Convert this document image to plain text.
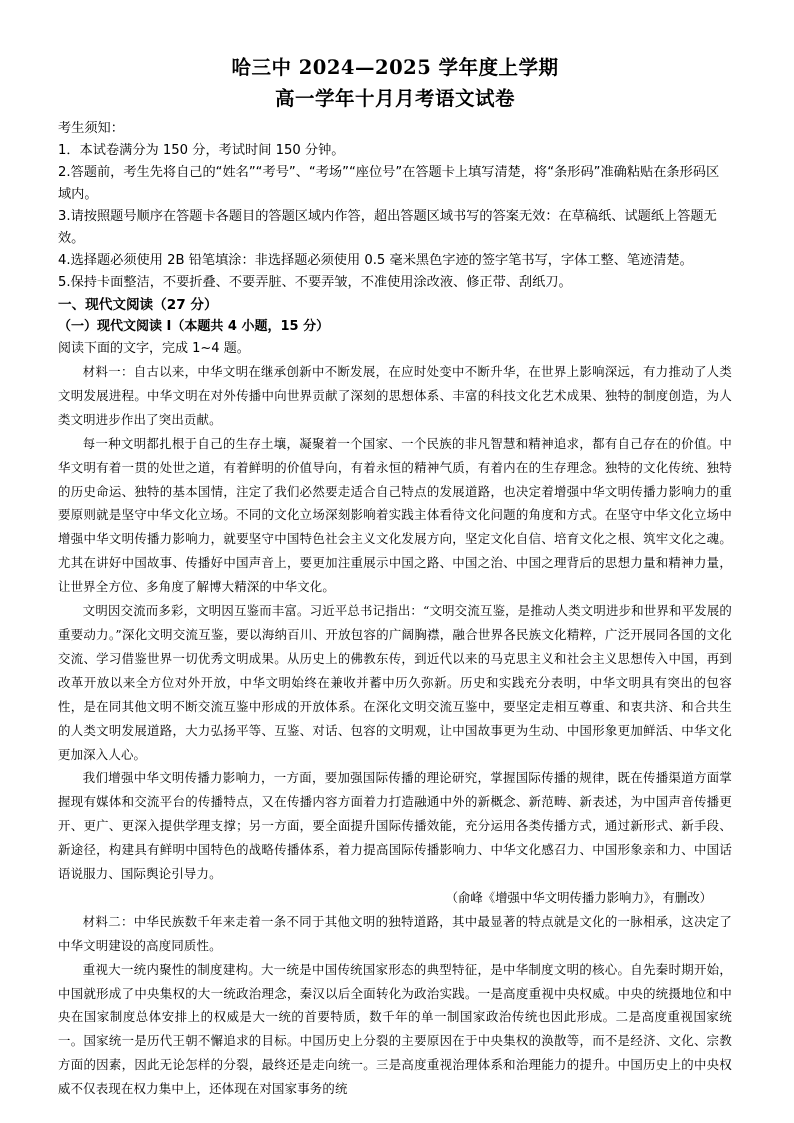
哈三中 2024—2025 学年度上学期
高一学年十月月考语文试卷

考生须知：

1．本试卷满分为 150 分，考试时间 150 分钟。

2.答题前，考生先将自己的“姓名”“考号”、“考场”“座位号”在答题卡上填写清楚，将“条形码”准确粘贴在条形码区域内。

3.请按照题号顺序在答题卡各题目的答题区域内作答，超出答题区域书写的答案无效：在草稿纸、试题纸上答题无效。

4.选择题必须使用 2B 铅笔填涂：非选择题必须使用 0.5 毫米黑色字迹的签字笔书写，字体工整、笔迹清楚。

5.保持卡面整洁，不要折叠、不要弄脏、不要弄皱，不准使用涂改液、修正带、刮纸刀。

一、现代文阅读（27 分）

（一）现代文阅读 I（本题共 4 小题，15 分）

阅读下面的文字，完成 1~4 题。

材料一：自古以来，中华文明在继承创新中不断发展，在应时处变中不断升华，在世界上影响深远，有力推动了人类文明发展进程。中华文明在对外传播中向世界贡献了深刻的思想体系、丰富的科技文化艺术成果、独特的制度创造，为人类文明进步作出了突出贡献。

每一种文明都扎根于自己的生存土壤，凝聚着一个国家、一个民族的非凡智慧和精神追求，都有自己存在的价值。中华文明有着一贯的处世之道，有着鲜明的价值导向，有着永恒的精神气质，有着内在的生存理念。独特的文化传统、独特的历史命运、独特的基本国情，注定了我们必然要走适合自己特点的发展道路，也决定着增强中华文明传播力影响力的重要原则就是坚守中华文化立场。不同的文化立场深刻影响着实践主体看待文化问题的角度和方式。在坚守中华文化立场中增强中华文明传播力影响力，就要坚守中国特色社会主义文化发展方向，坚定文化自信、培育文化之根、筑牢文化之魂。尤其在讲好中国故事、传播好中国声音上，要更加注重展示中国之路、中国之治、中国之理背后的思想力量和精神力量，让世界全方位、多角度了解博大精深的中华文化。

文明因交流而多彩，文明因互鉴而丰富。习近平总书记指出：“文明交流互鉴，是推动人类文明进步和世界和平发展的重要动力。”深化文明交流互鉴，要以海纳百川、开放包容的广阔胸襟，融合世界各民族文化精粹，广泛开展同各国的文化交流、学习借鉴世界一切优秀文明成果。从历史上的佛教东传，到近代以来的马克思主义和社会主义思想传入中国，再到改革开放以来全方位对外开放，中华文明始终在兼收并蓄中历久弥新。历史和实践充分表明，中华文明具有突出的包容性，是在同其他文明不断交流互鉴中形成的开放体系。在深化文明交流互鉴中，要坚定走相互尊重、和衷共济、和合共生的人类文明发展道路，大力弘扬平等、互鉴、对话、包容的文明观，让中国故事更为生动、中国形象更加鲜活、中华文化更加深入人心。

我们增强中华文明传播力影响力，一方面，要加强国际传播的理论研究，掌握国际传播的规律，既在传播渠道方面掌握现有媒体和交流平台的传播特点，又在传播内容方面着力打造融通中外的新概念、新范畴、新表述，为中国声音传播更开、更广、更深入提供学理支撑；另一方面，要全面提升国际传播效能，充分运用各类传播方式，通过新形式、新手段、新途径，构建具有鲜明中国特色的战略传播体系，着力提高国际传播影响力、中华文化感召力、中国形象亲和力、中国话语说服力、国际舆论引导力。

（俞峰《增强中华文明传播力影响力》，有删改）

材料二：中华民族数千年来走着一条不同于其他文明的独特道路，其中最显著的特点就是文化的一脉相承，这决定了中华文明建设的高度同质性。

重视大一统内聚性的制度建构。大一统是中国传统国家形态的典型特征，是中华制度文明的核心。自先秦时期开始，中国就形成了中央集权的大一统政治理念，秦汉以后全面转化为政治实践。一是高度重视中央权威。中央的统摄地位和中央在国家制度总体安排上的权威是大一统的首要特质，数千年的单一制国家政治传统也因此形成。二是高度重视国家统一。国家统一是历代王朝不懈追求的目标。中国历史上分裂的主要原因在于中央集权的涣散等，而不是经济、文化、宗教方面的因素，因此无论怎样的分裂，最终还是走向统一。三是高度重视治理体系和治理能力的提升。中国历史上的中央权威不仅表现在权力集中上，还体现在对国家事务的统
